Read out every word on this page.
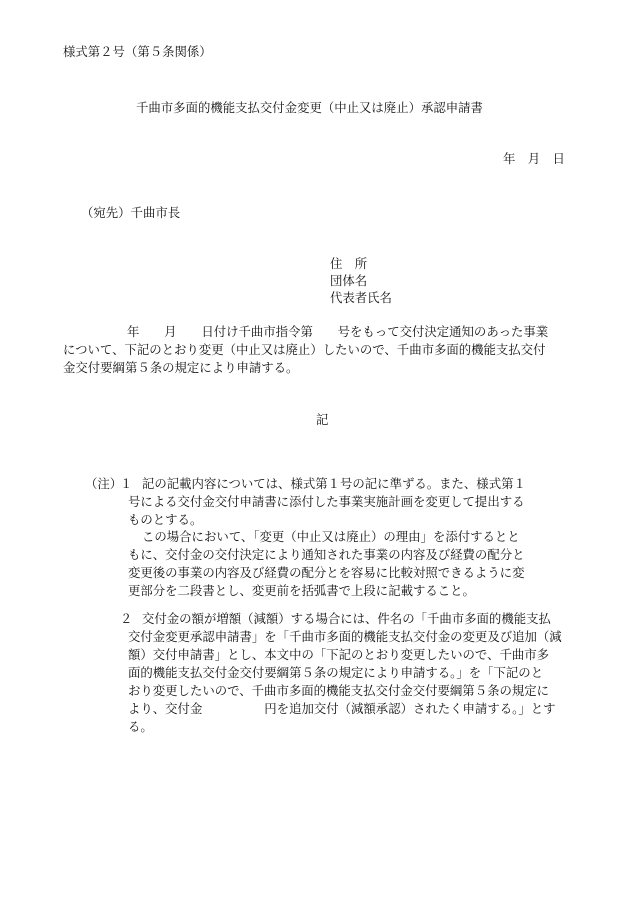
様式第２号（第５条関係）
千曲市多面的機能支払交付金変更（中止又は廃止）承認申請書
年　月　日
（宛先）千曲市長
住　所
団体名
代表者氏名
年　　月　　日付け千曲市指令第　　号をもって交付決定通知のあった事業
について、下記のとおり変更（中止又は廃止）したいので、千曲市多面的機能支払交付
金交付要綱第５条の規定により申請する。
記
（注）
１ 記の記載内容については、様式第１号の記に準ずる。また、様式第１
号による交付金交付申請書に添付した事業実施計画を変更して提出する
ものとする。
この場合において、「変更（中止又は廃止）の理由」を添付するとと
もに、交付金の交付決定により通知された事業の内容及び経費の配分と
変更後の事業の内容及び経費の配分とを容易に比較対照できるように変
更部分を二段書とし、変更前を括弧書で上段に記載すること。
２ 交付金の額が増額（減額）する場合には、件名の「千曲市多面的機能支払
交付金変更承認申請書」を「千曲市多面的機能支払交付金の変更及び追加（減
額）交付申請書」とし、本文中の「下記のとおり変更したいので、千曲市多
面的機能支払交付金交付要綱第５条の規定により申請する。」を「下記のと
おり変更したいので、千曲市多面的機能支払交付金交付要綱第５条の規定に
より、交付金　　　　　円を追加交付（減額承認）されたく申請する。」とす
る。
